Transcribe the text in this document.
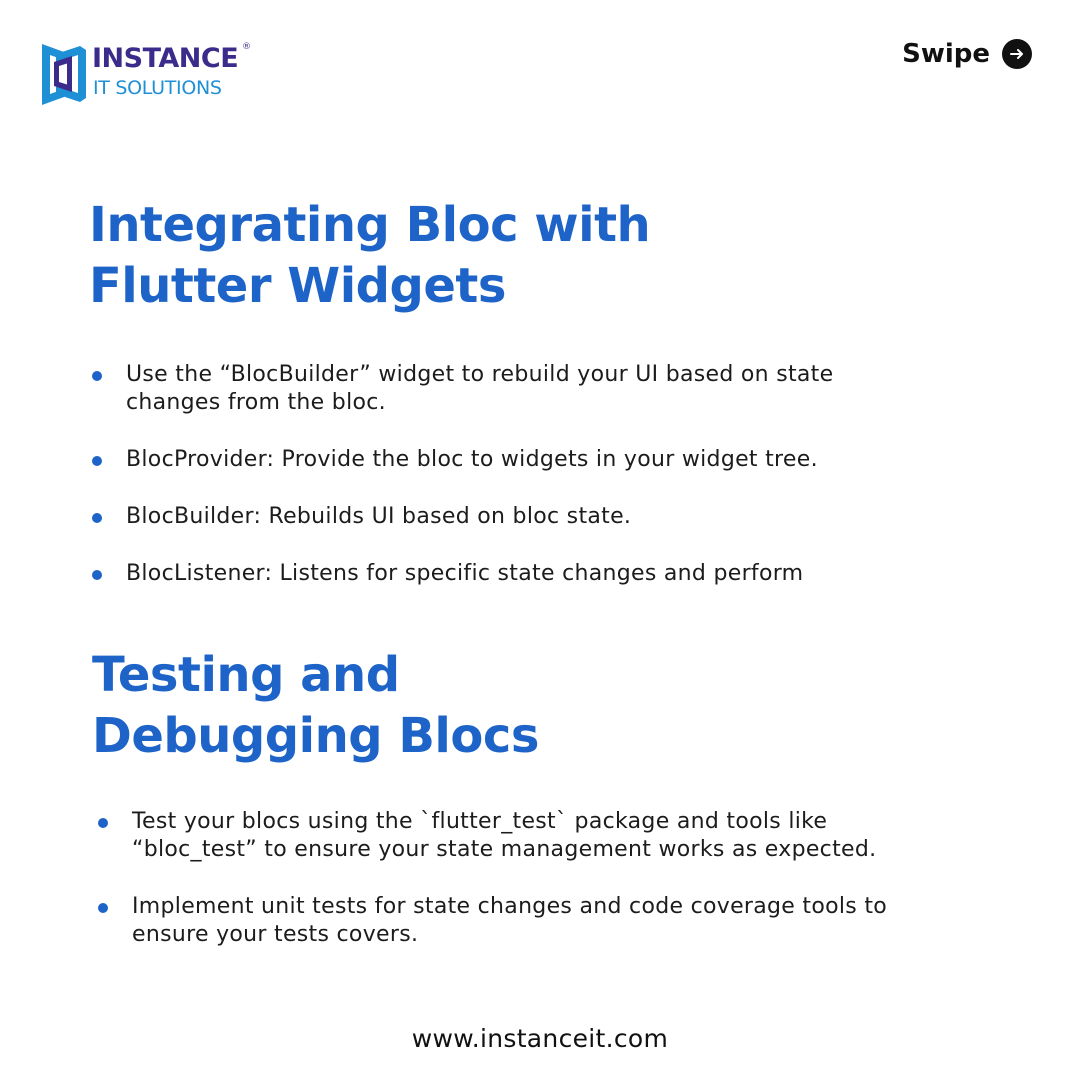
INSTANCE ®
IT SOLUTIONS
Swipe
Integrating Bloc with
Flutter Widgets
Use the “BlocBuilder” widget to rebuild your UI based on state changes from the bloc.
BlocProvider: Provide the bloc to widgets in your widget tree.
BlocBuilder: Rebuilds UI based on bloc state.
BlocListener: Listens for specific state changes and perform
Testing and
Debugging Blocs
Test your blocs using the `flutter_test` package and tools like “bloc_test” to ensure your state management works as expected.
Implement unit tests for state changes and code coverage tools to ensure your tests covers.
www.instanceit.com
